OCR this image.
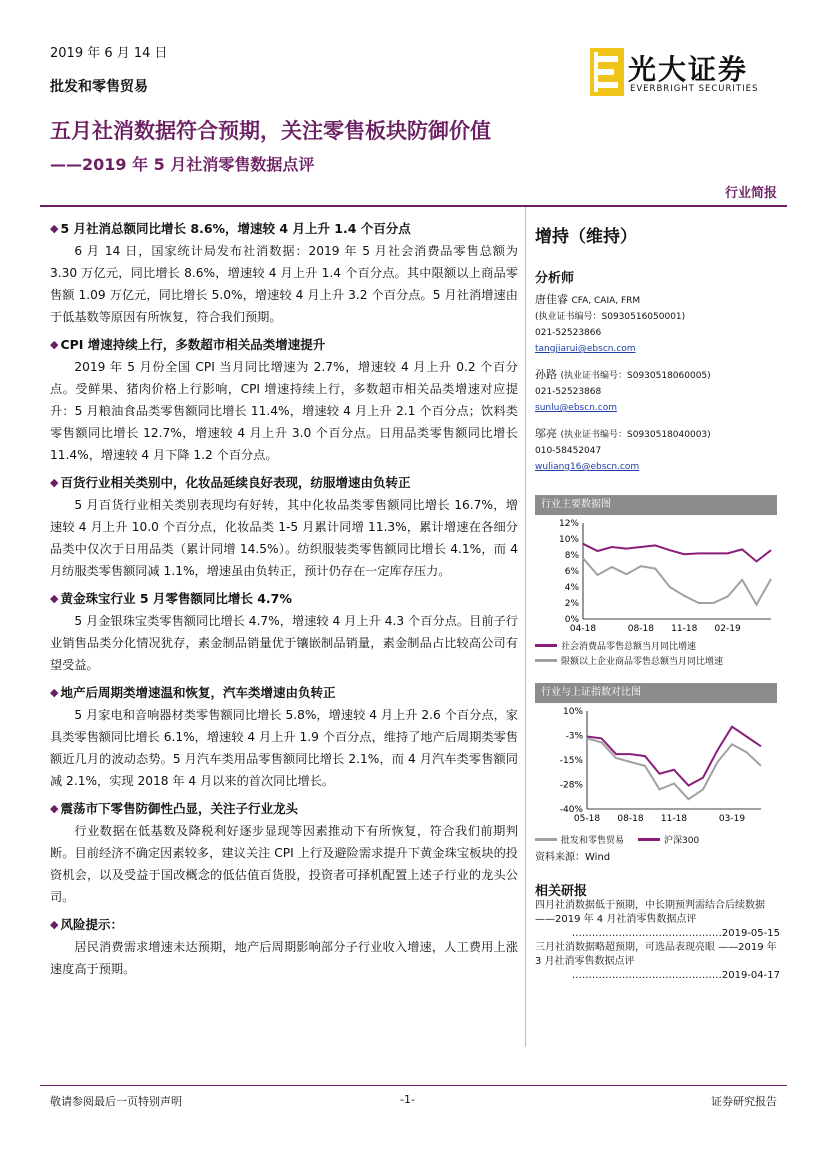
2019 年 6 月 14 日
批发和零售贸易
光大证券
EVERBRIGHT SECURITIES
五月社消数据符合预期，关注零售板块防御价值
——2019 年 5 月社消零售数据点评
行业简报

◆ 5 月社消总额同比增长 8.6%，增速较 4 月上升 1.4 个百分点

6 月 14 日，国家统计局发布社消数据：2019 年 5 月社会消费品零售总额为 3.30 万亿元，同比增长 8.6%，增速较 4 月上升 1.4 个百分点。其中限额以上商品零售额 1.09 万亿元，同比增长 5.0%，增速较 4 月上升 3.2 个百分点。5 月社消增速由于低基数等原因有所恢复，符合我们预期。

◆ CPI 增速持续上行，多数超市相关品类增速提升

2019 年 5 月份全国 CPI 当月同比增速为 2.7%，增速较 4 月上升 0.2 个百分点。受鲜果、猪肉价格上行影响，CPI 增速持续上行，多数超市相关品类增速对应提升：5 月粮油食品类零售额同比增长 11.4%，增速较 4 月上升 2.1 个百分点；饮料类零售额同比增长 12.7%，增速较 4 月上升 3.0 个百分点。日用品类零售额同比增长 11.4%，增速较 4 月下降 1.2 个百分点。

◆ 百货行业相关类别中，化妆品延续良好表现，纺服增速由负转正

5 月百货行业相关类别表现均有好转，其中化妆品类零售额同比增长 16.7%，增速较 4 月上升 10.0 个百分点，化妆品类 1-5 月累计同增 11.3%，累计增速在各细分品类中仅次于日用品类（累计同增 14.5%）。纺织服装类零售额同比增长 4.1%，而 4 月纺服类零售额同减 1.1%，增速虽由负转正，预计仍存在一定库存压力。

◆ 黄金珠宝行业 5 月零售额同比增长 4.7%

5 月金银珠宝类零售额同比增长 4.7%，增速较 4 月上升 4.3 个百分点。目前子行业销售品类分化情况犹存，素金制品销量优于镶嵌制品销量，素金制品占比较高公司有望受益。

◆ 地产后周期类增速温和恢复，汽车类增速由负转正

5 月家电和音响器材类零售额同比增长 5.8%，增速较 4 月上升 2.6 个百分点，家具类零售额同比增长 6.1%，增速较 4 月上升 1.9 个百分点，维持了地产后周期类零售额近几月的波动态势。5 月汽车类用品零售额同比增长 2.1%，而 4 月汽车类零售额同减 2.1%，实现 2018 年 4 月以来的首次同比增长。

◆ 震荡市下零售防御性凸显，关注子行业龙头

行业数据在低基数及降税利好逐步显现等因素推动下有所恢复，符合我们前期判断。目前经济不确定因素较多，建议关注 CPI 上行及避险需求提升下黄金珠宝板块的投资机会，以及受益于国改概念的低估值百货股，投资者可择机配置上述子行业的龙头公司。

◆ 风险提示：

居民消费需求增速未达预期，地产后周期影响部分子行业收入增速，人工费用上涨速度高于预期。

增持（维持）
分析师
唐佳睿 CFA, CAIA, FRM
(执业证书编号：S0930516050001)
021-52523866
tangjiarui@ebscn.com
孙路 (执业证书编号：S0930518060005)
021-52523868
sunlu@ebscn.com
邬亮 (执业证书编号：S0930518040003)
010-58452047
wuliang16@ebscn.com
行业主要数据图
12%
10%
8%
6%
4%
2%
0%
04-18	08-18 11-18 02-19
社会消费品零售总额当月同比增速
限额以上企业商品零售总额当月同比增速
行业与上证指数对比图
10%
-3%
-15%
-28%
-40%
05-18 08-18 11-18	03-19
批发和零售贸易	沪深300
资料来源：Wind
相关研报
四月社消数据低于预期，中长期预判需结合后续数据——2019 年 4 月社消零售数据点评
………………………………………2019-05-15
三月社消数据略超预期，可选品表现亮眼 ——2019 年 3 月社消零售数据点评
………………………………………2019-04-17
敬请参阅最后一页特别声明	-1-	证券研究报告
